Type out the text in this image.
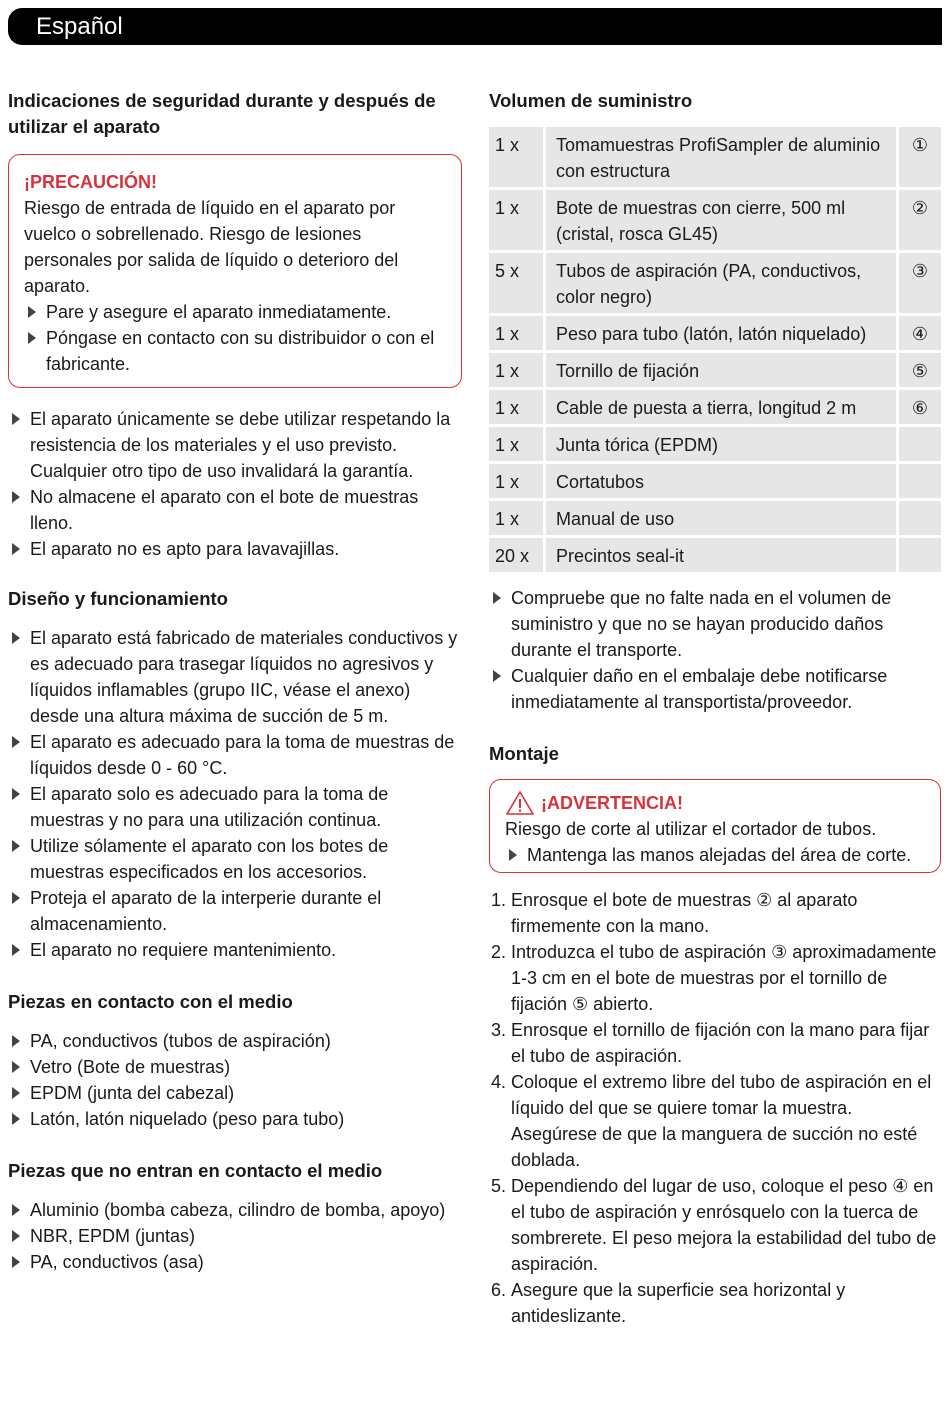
Español
Indicaciones de seguridad durante y después de utilizar el aparato
¡PRECAUCIÓN!

Riesgo de entrada de líquido en el aparato por vuelco o sobrellenado. Riesgo de lesiones personales por salida de líquido o deterioro del aparato.

Pare y asegure el aparato inmediatamente.
Póngase en contacto con su distribuidor o con el fabricante.
El aparato únicamente se debe utilizar respetando la resistencia de los materiales y el uso previsto. Cualquier otro tipo de uso invalidará la garantía.
No almacene el aparato con el bote de muestras lleno.
El aparato no es apto para lavavajillas.
Diseño y funcionamiento
El aparato está fabricado de materiales conductivos y es adecuado para trasegar líquidos no agresivos y líquidos inflamables (grupo IIC, véase el anexo) desde una altura máxima de succión de 5 m.
El aparato es adecuado para la toma de muestras de líquidos desde 0 - 60 °C.
El aparato solo es adecuado para la toma de muestras y no para una utilización continua.
Utilize sólamente el aparato con los botes de muestras especificados en los accesorios.
Proteja el aparato de la interperie durante el almacenamiento.
El aparato no requiere mantenimiento.
Piezas en contacto con el medio
PA, conductivos (tubos de aspiración)
Vetro (Bote de muestras)
EPDM (junta del cabezal)
Latón, latón niquelado (peso para tubo)
Piezas que no entran en contacto el medio
Aluminio (bomba cabeza, cilindro de bomba, apoyo)
NBR, EPDM (juntas)
PA, conductivos (asa)
Volumen de suministro
1 x	Tomamuestras ProfiSampler de aluminio con estructura	①
1 x	Bote de muestras con cierre, 500 ml (cristal, rosca GL45)	②
5 x	Tubos de aspiración (PA, conductivos, color negro)	③
1 x	Peso para tubo (latón, latón niquelado)	④
1 x	Tornillo de fijación	⑤
1 x	Cable de puesta a tierra, longitud 2 m	⑥
1 x	Junta tórica (EPDM)	
1 x	Cortatubos	
1 x	Manual de uso	
20 x	Precintos seal-it	
Compruebe que no falte nada en el volumen de suministro y que no se hayan producido daños durante el transporte.
Cualquier daño en el embalaje debe notificarse inmediatamente al transportista/proveedor.
Montaje
¡ADVERTENCIA!

Riesgo de corte al utilizar el cortador de tubos.

Mantenga las manos alejadas del área de corte.
1. Enrosque el bote de muestras ② al aparato firmemente con la mano.
2. Introduzca el tubo de aspiración ③ aproximadamente 1-3 cm en el bote de muestras por el tornillo de fijación ⑤ abierto.
3. Enrosque el tornillo de fijación con la mano para fijar el tubo de aspiración.
4. Coloque el extremo libre del tubo de aspiración en el líquido del que se quiere tomar la muestra. Asegúrese de que la manguera de succión no esté doblada.
5. Dependiendo del lugar de uso, coloque el peso ④ en el tubo de aspiración y enrósquelo con la tuerca de sombrerete. El peso mejora la estabilidad del tubo de aspiración.
6. Asegure que la superficie sea horizontal y antideslizante.
